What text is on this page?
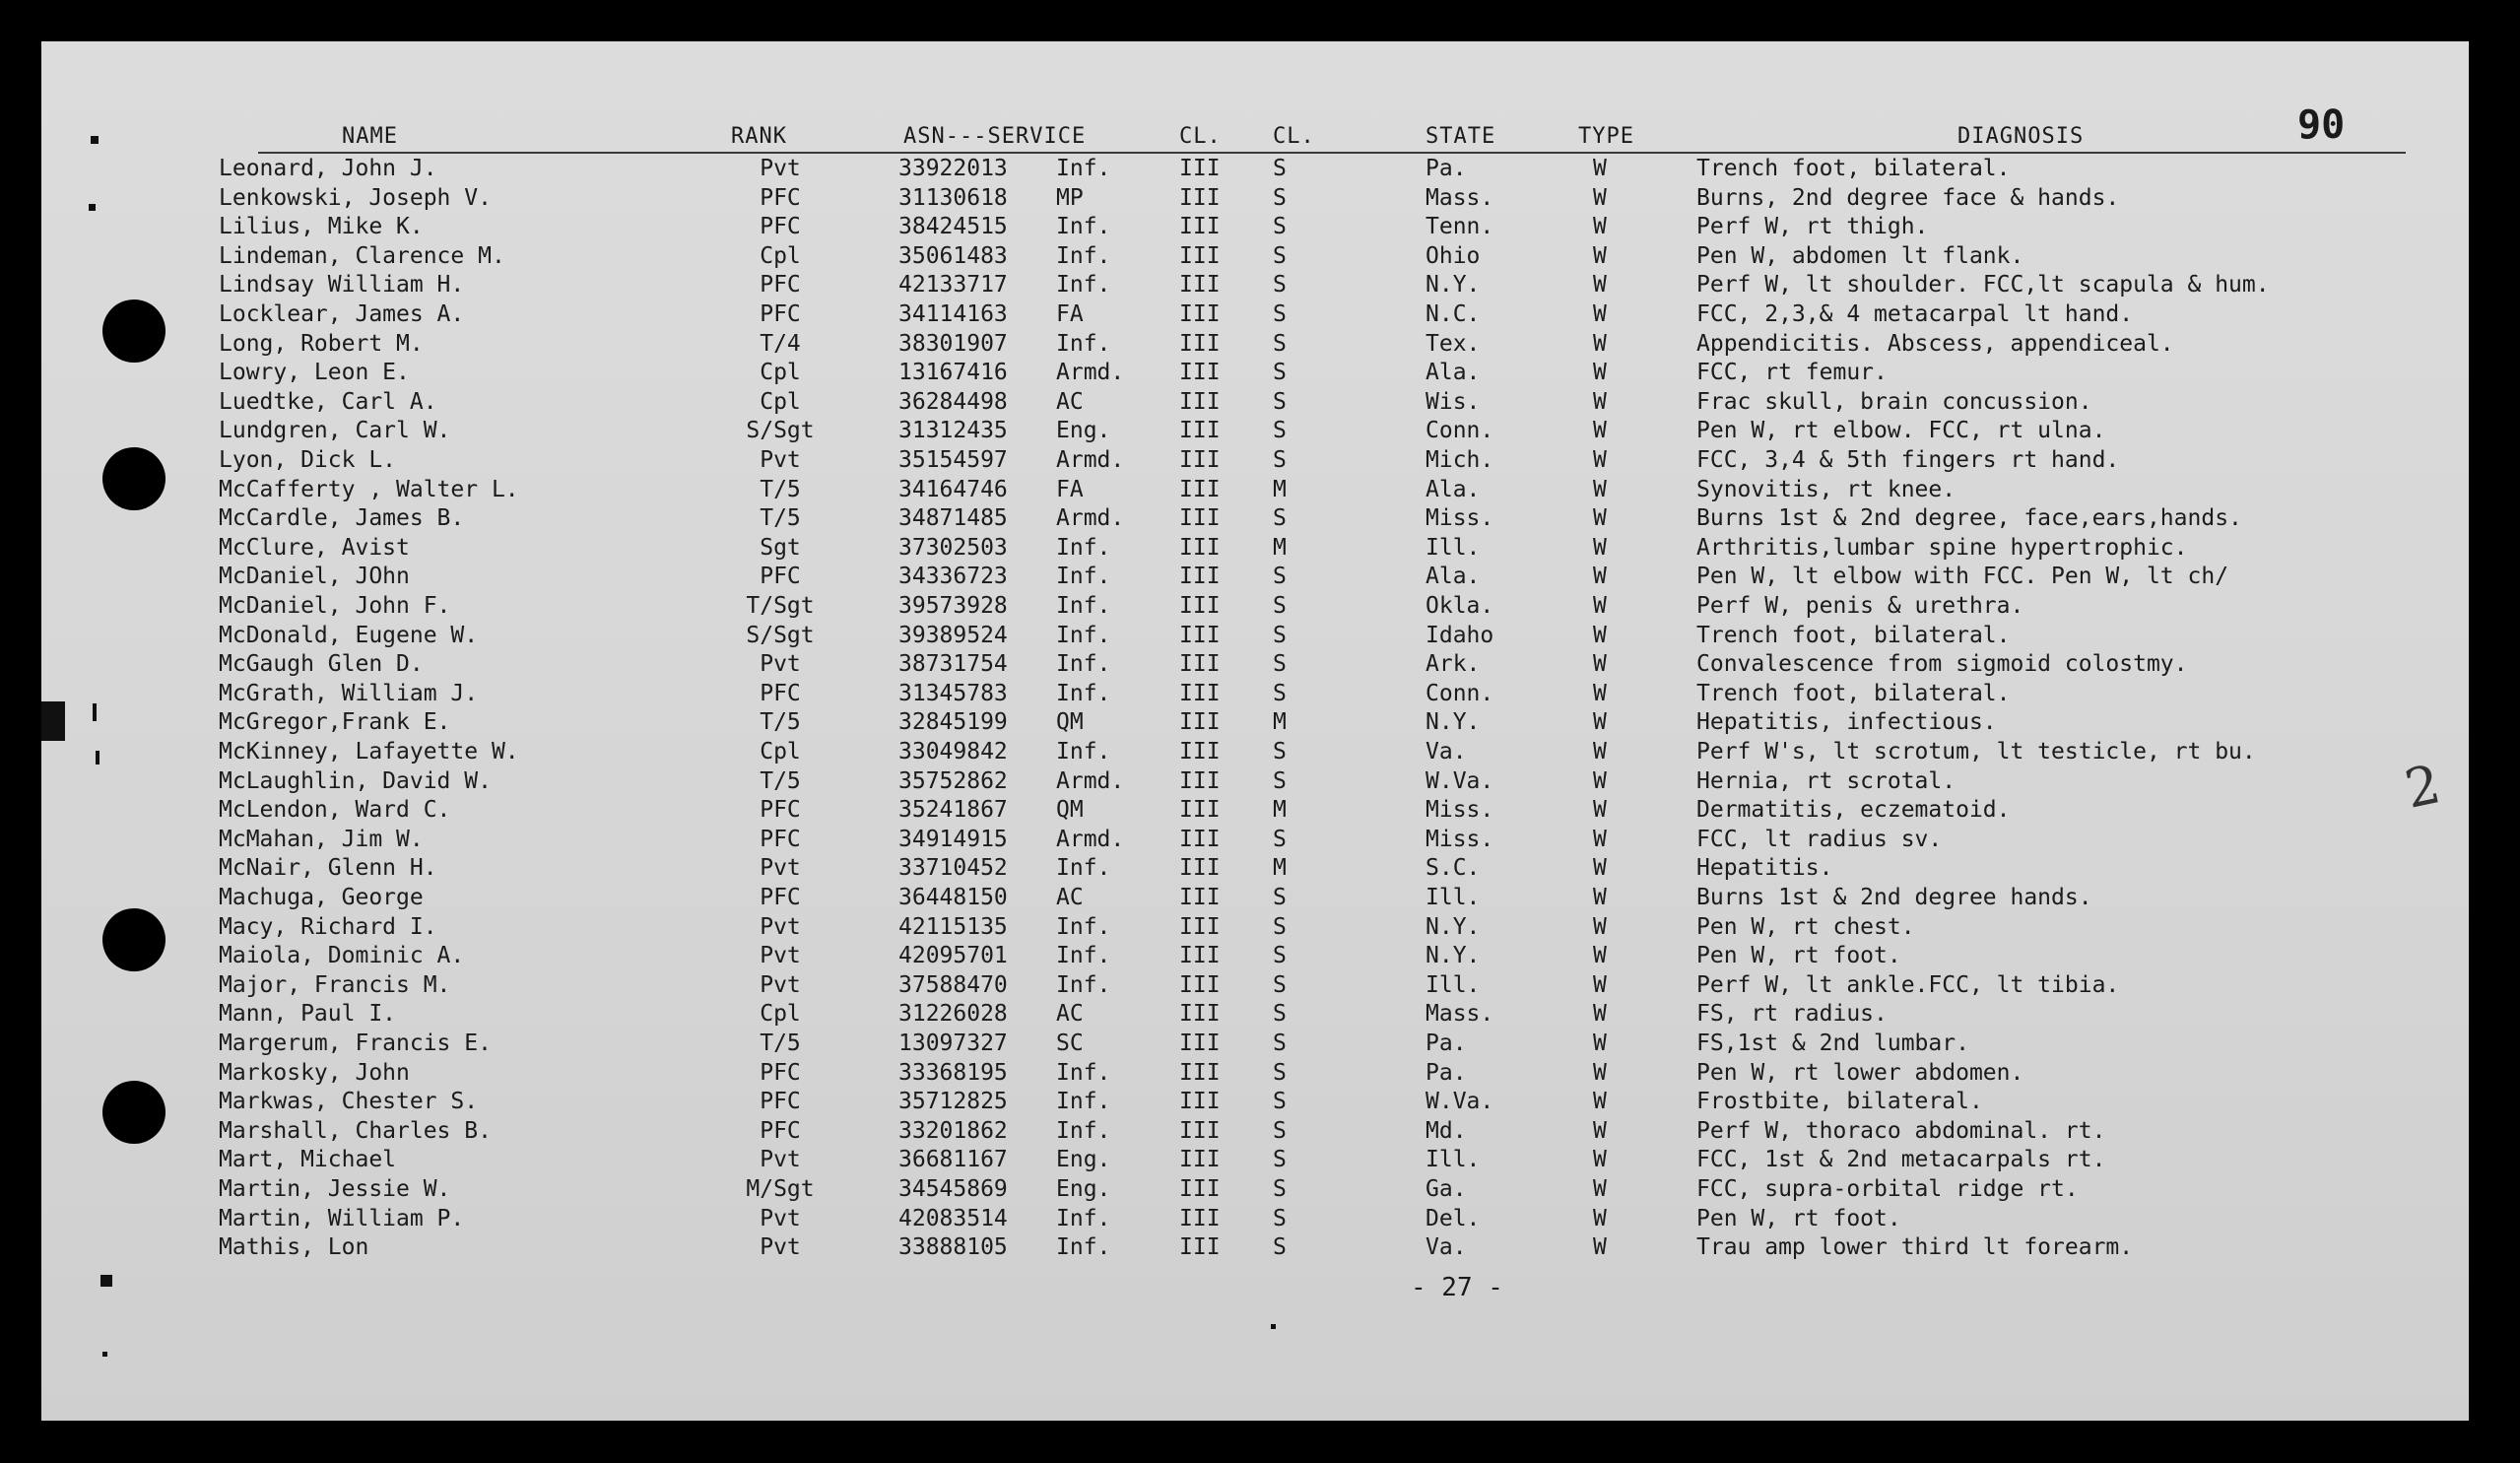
NAME	RANK	ASN---SERVICE	CL. CL.	STATE	TYPE	DIAGNOSIS	90
Leonard, John J.	Pvt	33922013 Inf.	III S	Pa.	W	Trench foot, bilateral.
Lenkowski, Joseph V.	PFC	31130618 MP	III S	Mass.	W	Burns, 2nd degree face & hands.
Lilius, Mike K.	PFC	38424515 Inf.	III S	Tenn.	W	Perf W, rt thigh.
Lindeman, Clarence M.	Cpl	35061483 Inf.	III S	Ohio	W	Pen W, abdomen lt flank.
Lindsay William H.	PFC	42133717 Inf.	III S	N.Y.	W	Perf W, lt shoulder. FCC,lt scapula & hum.
Locklear, James A.	PFC	34114163 FA	III S	N.C.	W	FCC, 2,3,& 4 metacarpal lt hand.
Long, Robert M.	T/4	38301907 Inf.	III S	Tex.	W	Appendicitis. Abscess, appendiceal.
Lowry, Leon E.	Cpl	13167416 Armd. III S	Ala.	W	FCC, rt femur.
Luedtke, Carl A.	Cpl	36284498 AC	III S	Wis.	W	Frac skull, brain concussion.
Lundgren, Carl W.	S/Sgt	31312435 Eng.	III S	Conn.	W	Pen W, rt elbow. FCC, rt ulna.
Lyon, Dick L.	Pvt	35154597 Armd. III S	Mich.	W	FCC, 3,4 & 5th fingers rt hand.
McCafferty , Walter L.	T/5	34164746 FA	III M	Ala.	W	Synovitis, rt knee.
McCardle, James B.	T/5	34871485 Armd. III S	Miss.	W	Burns 1st & 2nd degree, face,ears,hands.
McClure, Avist	Sgt	37302503 Inf.	III M	Ill.	W	Arthritis,lumbar spine hypertrophic.
McDaniel, JOhn	PFC	34336723 Inf.	III S	Ala.	W	Pen W, lt elbow with FCC. Pen W, lt ch/
McDaniel, John F.	T/Sgt	39573928 Inf.	III S	Okla.	W	Perf W, penis & urethra.
McDonald, Eugene W.	S/Sgt	39389524 Inf.	III S	Idaho	W	Trench foot, bilateral.
McGaugh Glen D.	Pvt	38731754 Inf.	III S	Ark.	W	Convalescence from sigmoid colostmy.
McGrath, William J.	PFC	31345783 Inf.	III S	Conn.	W	Trench foot, bilateral.
McGregor,Frank E.	T/5	32845199 QM	III M	N.Y.	W	Hepatitis, infectious.
McKinney, Lafayette W.	Cpl	33049842 Inf.	III S	Va.	W	Perf W's, lt scrotum, lt testicle, rt bu.
McLaughlin, David W.	T/5	35752862 Armd. III S	W.Va.	W	Hernia, rt scrotal.
McLendon, Ward C.	PFC	35241867 QM	III M	Miss.	W	Dermatitis, eczematoid.
McMahan, Jim W.	PFC	34914915 Armd. III S	Miss.	W	FCC, lt radius sv.
McNair, Glenn H.	Pvt	33710452 Inf.	III M	S.C.	W	Hepatitis.
Machuga, George	PFC	36448150 AC	III S	Ill.	W	Burns 1st & 2nd degree hands.
Macy, Richard I.	Pvt	42115135 Inf.	III S	N.Y.	W	Pen W, rt chest.
Maiola, Dominic A.	Pvt	42095701 Inf.	III S	N.Y.	W	Pen W, rt foot.
Major, Francis M.	Pvt	37588470 Inf.	III S	Ill.	W	Perf W, lt ankle.FCC, lt tibia.
Mann, Paul I.	Cpl	31226028 AC	III S	Mass.	W	FS, rt radius.
Margerum, Francis E.	T/5	13097327 SC	III S	Pa.	W	FS,1st & 2nd lumbar.
Markosky, John	PFC	33368195 Inf.	III S	Pa.	W	Pen W, rt lower abdomen.
Markwas, Chester S.	PFC	35712825 Inf.	III S	W.Va.	W	Frostbite, bilateral.
Marshall, Charles B.	PFC	33201862 Inf.	III S	Md.	W	Perf W, thoraco abdominal. rt.
Mart, Michael	Pvt	36681167 Eng.	III S	Ill.	W	FCC, 1st & 2nd metacarpals rt.
Martin, Jessie W.	M/Sgt	34545869 Eng.	III S	Ga.	W	FCC, supra-orbital ridge rt.
Martin, William P.	Pvt	42083514 Inf.	III S	Del.	W	Pen W, rt foot.
Mathis, Lon	Pvt	33888105 Inf.	III S	Va.	W	Trau amp lower third lt forearm.
- 27 -
2
